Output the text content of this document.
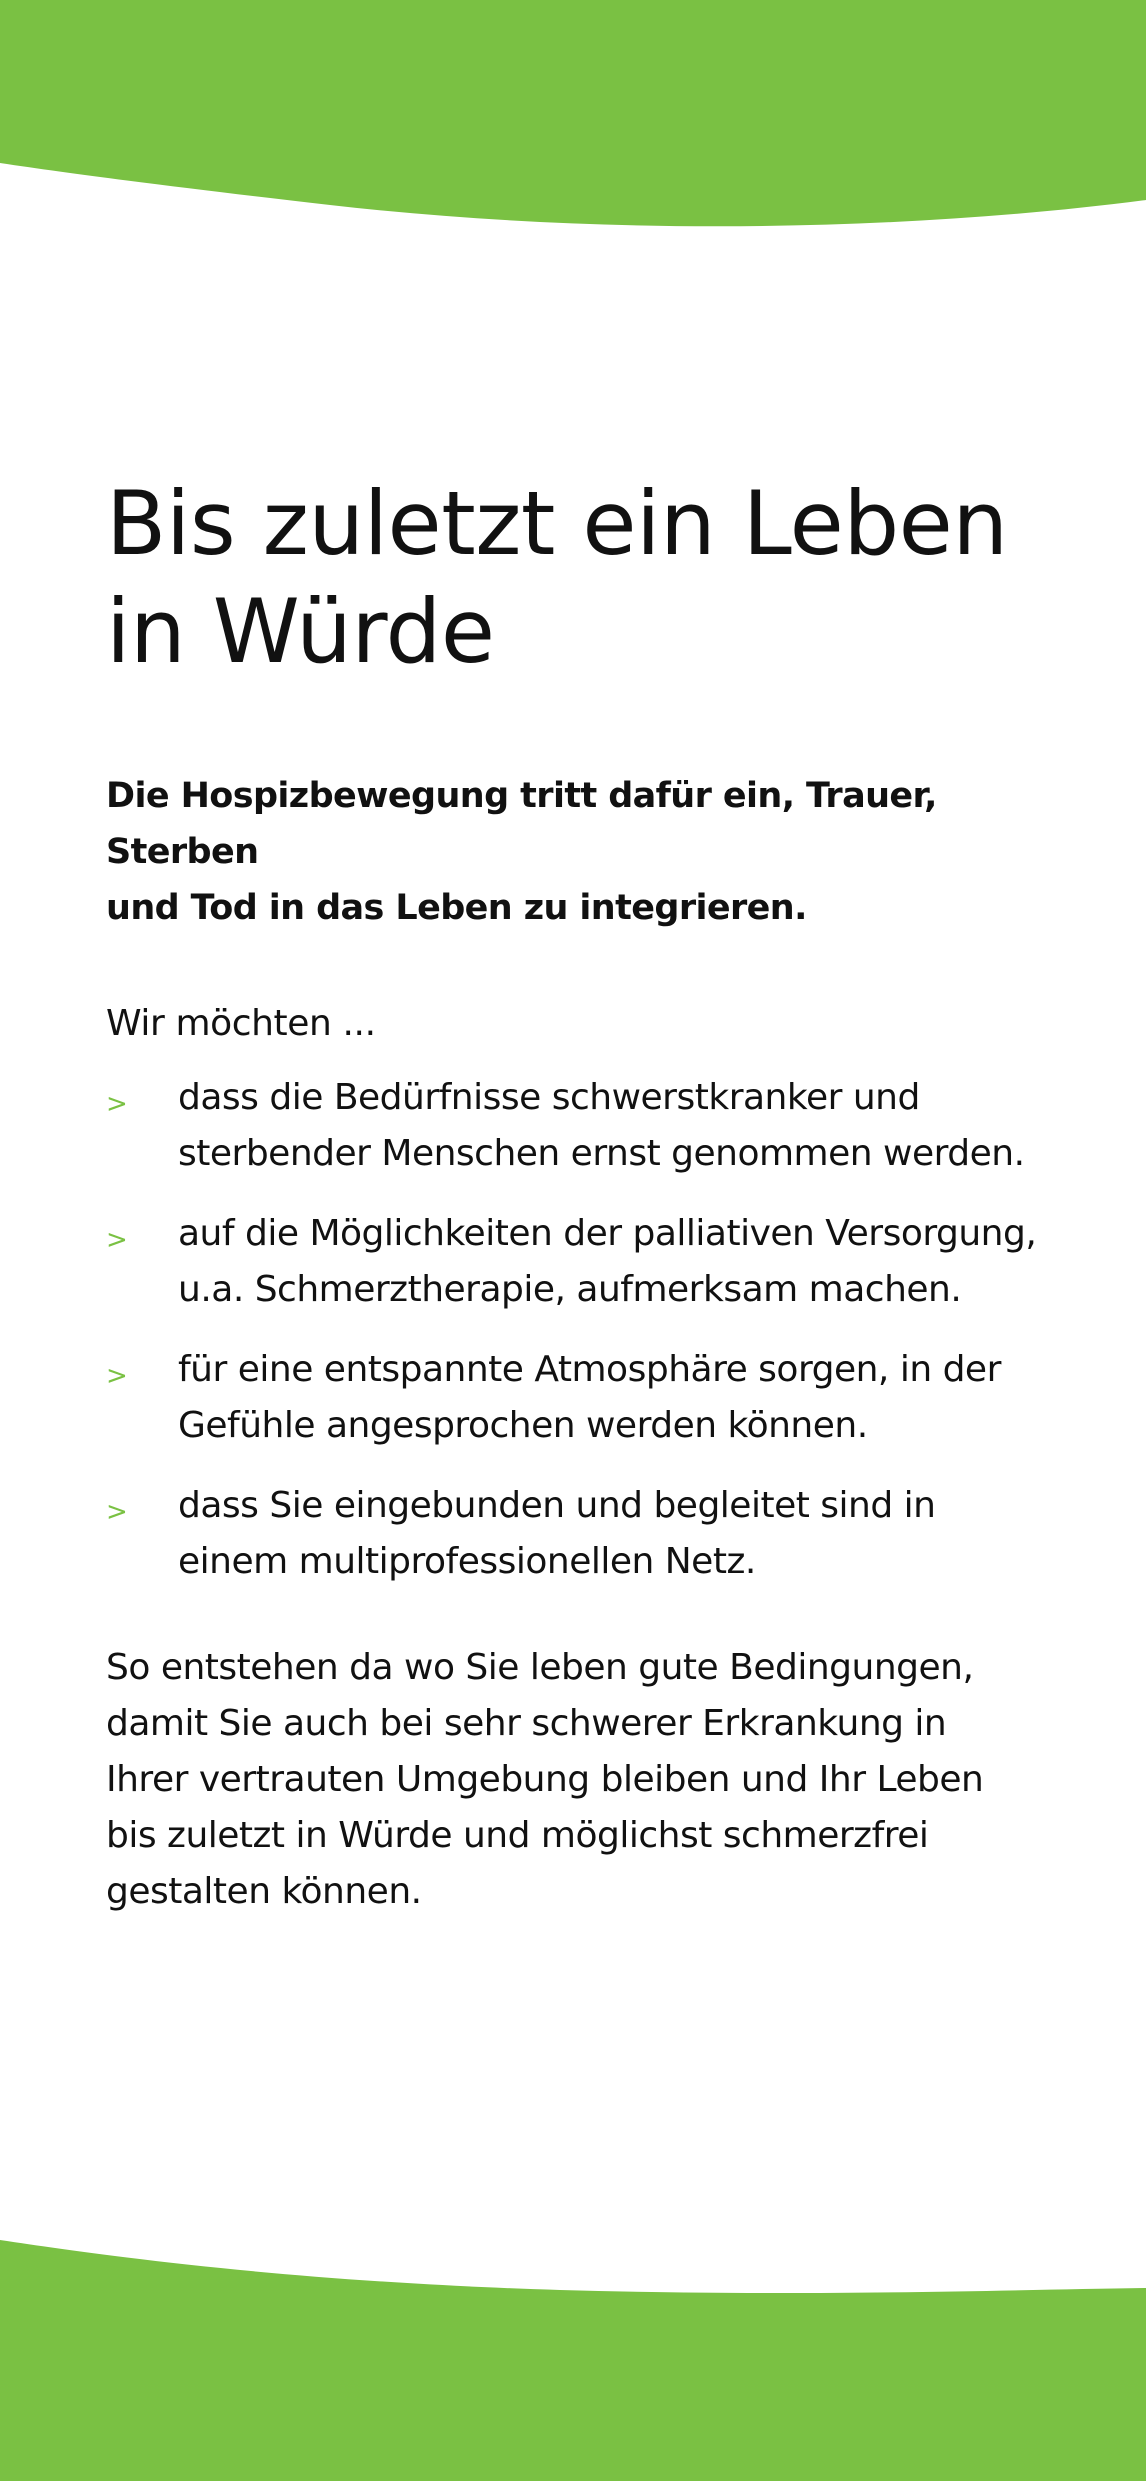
Bis zuletzt ein Leben
in Würde

Die Hospizbewegung tritt dafür ein, Trauer, Sterben
und Tod in das Leben zu integrieren.

Wir möchten ...

>	dass die Bedürfnisse schwerstkranker und
sterbender Menschen ernst genommen werden.
>	auf die Möglichkeiten der palliativen Versorgung,
u.a. Schmerztherapie, aufmerksam machen.
>	für eine entspannte Atmosphäre sorgen, in der
Gefühle angesprochen werden können.
>	dass Sie eingebunden und begleitet sind in
einem multiprofessionellen Netz.

So entstehen da wo Sie leben gute Bedingungen,
damit Sie auch bei sehr schwerer Erkrankung in
Ihrer vertrauten Umgebung bleiben und Ihr Leben
bis zuletzt in Würde und möglichst schmerzfrei
gestalten können.
